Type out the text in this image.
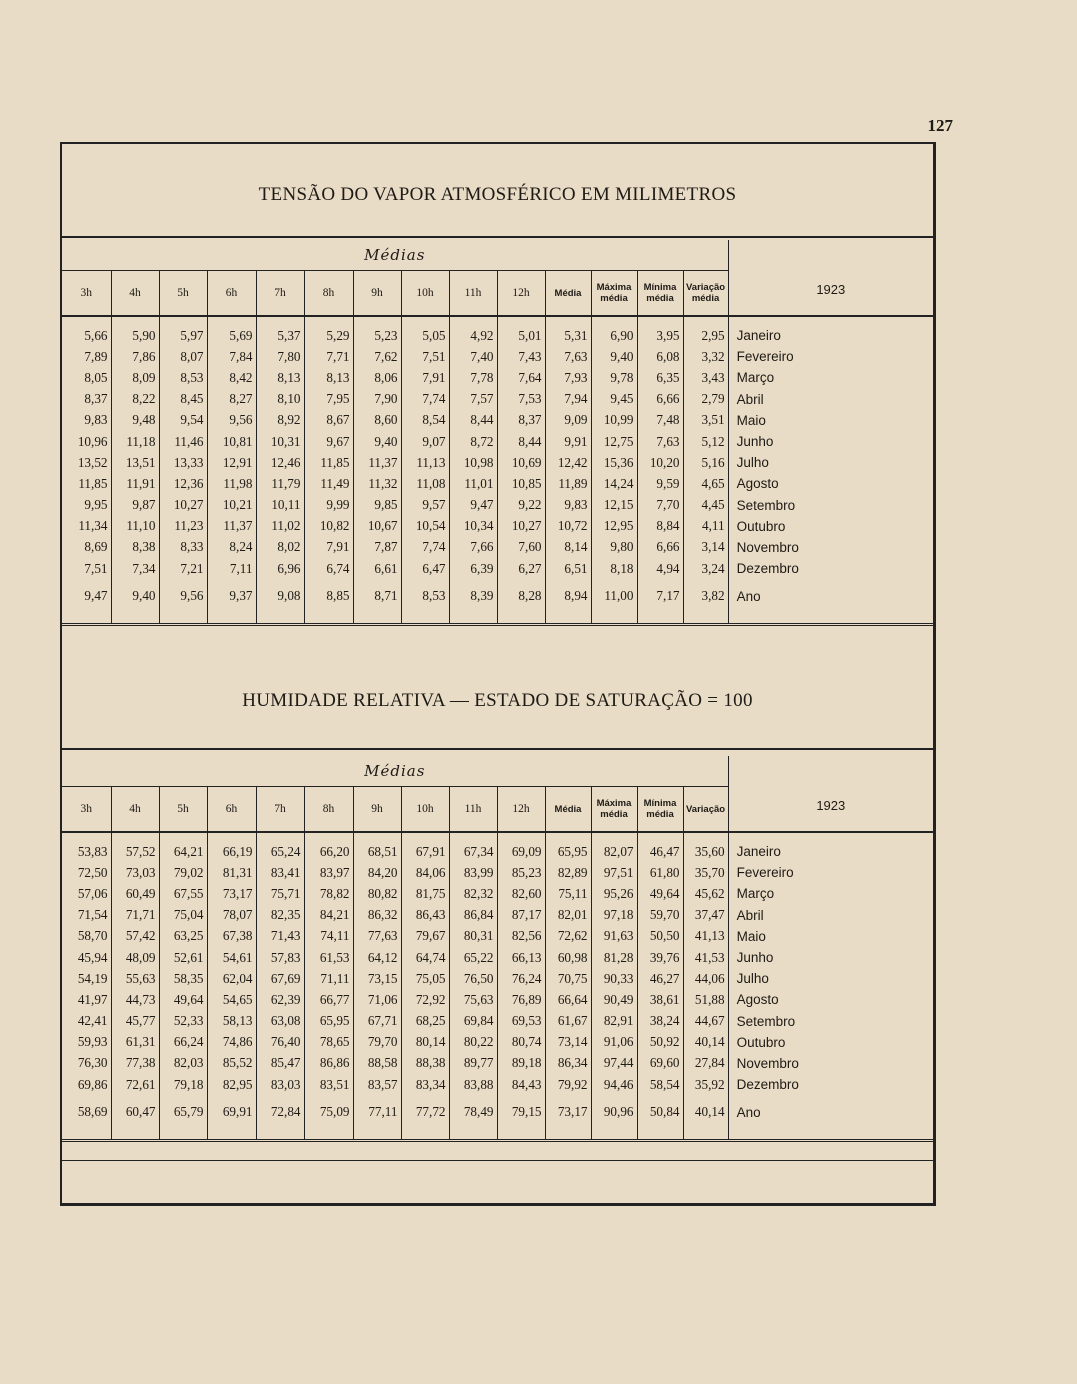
127
TENSÃO DO VAPOR ATMOSFÉRICO EM MILIMETROS
Médias														1923
3h	4h	5h	6h	7h	8h	9h	10h	11h	12h	Média	Máxima média	Mínima média	Variação média	
5,66	5,90	5,97	5,69	5,37	5,29	5,23	5,05	4,92	5,01	5,31	6,90	3,95	2,95	Janeiro
7,89	7,86	8,07	7,84	7,80	7,71	7,62	7,51	7,40	7,43	7,63	9,40	6,08	3,32	Fevereiro
8,05	8,09	8,53	8,42	8,13	8,13	8,06	7,91	7,78	7,64	7,93	9,78	6,35	3,43	Março
8,37	8,22	8,45	8,27	8,10	7,95	7,90	7,74	7,57	7,53	7,94	9,45	6,66	2,79	Abril
9,83	9,48	9,54	9,56	8,92	8,67	8,60	8,54	8,44	8,37	9,09	10,99	7,48	3,51	Maio
10,96	11,18	11,46	10,81	10,31	9,67	9,40	9,07	8,72	8,44	9,91	12,75	7,63	5,12	Junho
13,52	13,51	13,33	12,91	12,46	11,85	11,37	11,13	10,98	10,69	12,42	15,36	10,20	5,16	Julho
11,85	11,91	12,36	11,98	11,79	11,49	11,32	11,08	11,01	10,85	11,89	14,24	9,59	4,65	Agosto
9,95	9,87	10,27	10,21	10,11	9,99	9,85	9,57	9,47	9,22	9,83	12,15	7,70	4,45	Setembro
11,34	11,10	11,23	11,37	11,02	10,82	10,67	10,54	10,34	10,27	10,72	12,95	8,84	4,11	Outubro
8,69	8,38	8,33	8,24	8,02	7,91	7,87	7,74	7,66	7,60	8,14	9,80	6,66	3,14	Novembro
7,51	7,34	7,21	7,11	6,96	6,74	6,61	6,47	6,39	6,27	6,51	8,18	4,94	3,24	Dezembro
9,47	9,40	9,56	9,37	9,08	8,85	8,71	8,53	8,39	8,28	8,94	11,00	7,17	3,82	Ano

HUMIDADE RELATIVA — ESTADO DE SATURAÇÃO = 100
Médias														1923
3h	4h	5h	6h	7h	8h	9h	10h	11h	12h	Média	Máxima média	Mínima média	Variação	
53,83	57,52	64,21	66,19	65,24	66,20	68,51	67,91	67,34	69,09	65,95	82,07	46,47	35,60	Janeiro
72,50	73,03	79,02	81,31	83,41	83,97	84,20	84,06	83,99	85,23	82,89	97,51	61,80	35,70	Fevereiro
57,06	60,49	67,55	73,17	75,71	78,82	80,82	81,75	82,32	82,60	75,11	95,26	49,64	45,62	Março
71,54	71,71	75,04	78,07	82,35	84,21	86,32	86,43	86,84	87,17	82,01	97,18	59,70	37,47	Abril
58,70	57,42	63,25	67,38	71,43	74,11	77,63	79,67	80,31	82,56	72,62	91,63	50,50	41,13	Maio
45,94	48,09	52,61	54,61	57,83	61,53	64,12	64,74	65,22	66,13	60,98	81,28	39,76	41,53	Junho
54,19	55,63	58,35	62,04	67,69	71,11	73,15	75,05	76,50	76,24	70,75	90,33	46,27	44,06	Julho
41,97	44,73	49,64	54,65	62,39	66,77	71,06	72,92	75,63	76,89	66,64	90,49	38,61	51,88	Agosto
42,41	45,77	52,33	58,13	63,08	65,95	67,71	68,25	69,84	69,53	61,67	82,91	38,24	44,67	Setembro
59,93	61,31	66,24	74,86	76,40	78,65	79,70	80,14	80,22	80,74	73,14	91,06	50,92	40,14	Outubro
76,30	77,38	82,03	85,52	85,47	86,86	88,58	88,38	89,77	89,18	86,34	97,44	69,60	27,84	Novembro
69,86	72,61	79,18	82,95	83,03	83,51	83,57	83,34	83,88	84,43	79,92	94,46	58,54	35,92	Dezembro
58,69	60,47	65,79	69,91	72,84	75,09	77,11	77,72	78,49	79,15	73,17	90,96	50,84	40,14	Ano
